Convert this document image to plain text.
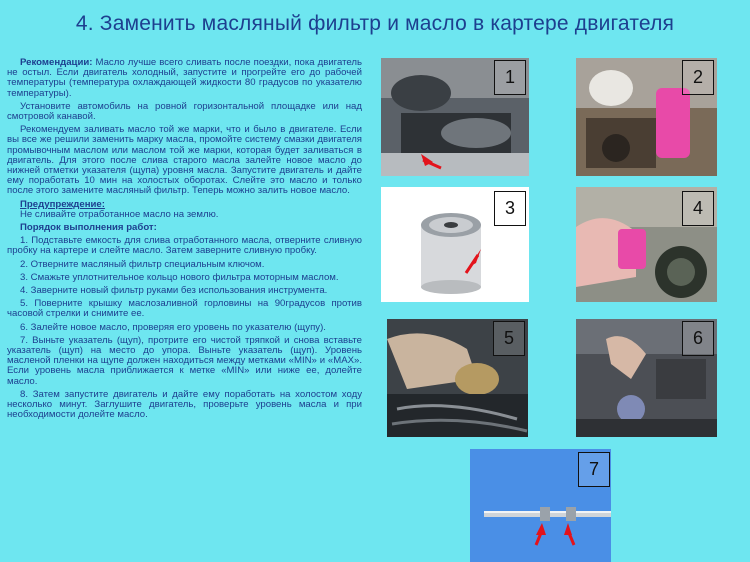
4. Заменить масляный фильтр и масло в картере двигателя

Рекомендации: Масло лучше всего сливать после поездки, пока двигатель не остыл. Если двигатель холодный, запустите и прогрейте его до рабочей температуры (температура охлаждающей жидкости 80 градусов по указателю температуры).

Установите автомобиль на ровной горизонтальной площадке или над смотровой канавой.

Рекомендуем заливать масло той же марки, что и было в двигателе. Если вы все же решили заменить марку масла, промойте систему смазки двигателя промывочным маслом или маслом той же марки, которая будет заливаться в двигатель. Для этого после слива старого масла залейте новое масло до нижней отметки указателя (щупа) уровня масла. Запустите двигатель и дайте ему поработать 10 мин на холостых оборотах. Слейте это масло и только после этого замените масляный фильтр. Теперь можно залить новое масло.

Предупреждение:

Не сливайте отработанное масло на землю.

Порядок выполнения работ:

1. Подставьте емкость для слива отработанного масла, отверните сливную пробку на картере и слейте масло. Затем заверните сливную пробку.

2. Отверните масляный фильтр специальным ключом.

3. Смажьте уплотнительное кольцо нового фильтра моторным маслом.

4. Заверните новый фильтр руками без использования инструмента.

5. Поверните крышку маслозаливной горловины на 90градусов против часовой стрелки и снимите ее.

6. Залейте новое масло, проверяя его уровень по указателю (щупу).

7. Выньте указатель (щуп), протрите его чистой тряпкой и снова вставьте указатель (щуп) на место до упора. Выньте указатель (щуп). Уровень масленой пленки на щупе должен находиться между метками «MIN» и «MAX». Если уровень масла приближается к метке «MIN» или ниже ее, долейте масло.

8. Затем запустите двигатель и дайте ему поработать на холостом ходу несколько минут. Заглушите двигатель, проверьте уровень масла и при необходимости долейте масло.

1	2
3	4
5	6
7
